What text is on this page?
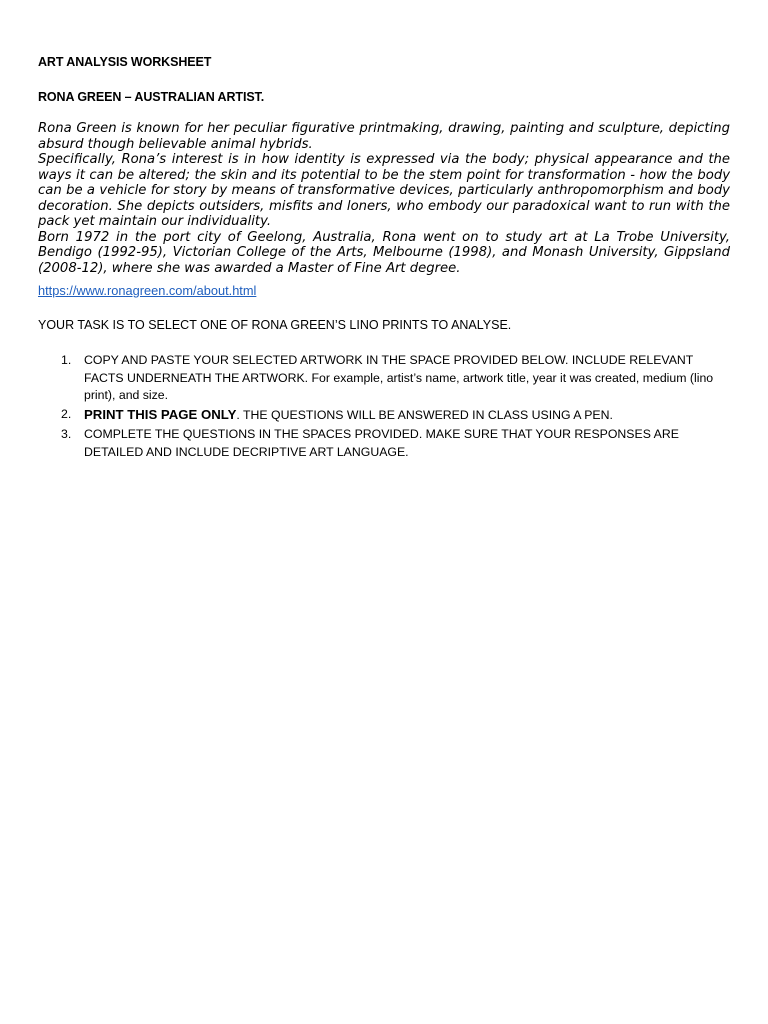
ART ANALYSIS WORKSHEET
RONA GREEN – AUSTRALIAN ARTIST.

Rona Green is known for her peculiar figurative printmaking, drawing, painting and sculpture, depicting absurd though believable animal hybrids.

Specifically, Rona’s interest is in how identity is expressed via the body; physical appearance and the ways it can be altered; the skin and its potential to be the stem point for transformation - how the body can be a vehicle for story by means of transformative devices, particularly anthropomorphism and body decoration. She depicts outsiders, misfits and loners, who embody our paradoxical want to run with the pack yet maintain our individuality.

Born 1972 in the port city of Geelong, Australia, Rona went on to study art at La Trobe University, Bendigo (1992-95), Victorian College of the Arts, Melbourne (1998), and Monash University, Gippsland (2008-12), where she was awarded a Master of Fine Art degree.

https://www.ronagreen.com/about.html
YOUR TASK IS TO SELECT ONE OF RONA GREEN’S LINO PRINTS TO ANALYSE.
1. COPY AND PASTE YOUR SELECTED ARTWORK IN THE SPACE PROVIDED BELOW. INCLUDE RELEVANT FACTS UNDERNEATH THE ARTWORK. For example, artist’s name, artwork title, year it was created, medium (lino print), and size.
2. PRINT THIS PAGE ONLY. THE QUESTIONS WILL BE ANSWERED IN CLASS USING A PEN.
3. COMPLETE THE QUESTIONS IN THE SPACES PROVIDED. MAKE SURE THAT YOUR RESPONSES ARE DETAILED AND INCLUDE DECRIPTIVE ART LANGUAGE.
